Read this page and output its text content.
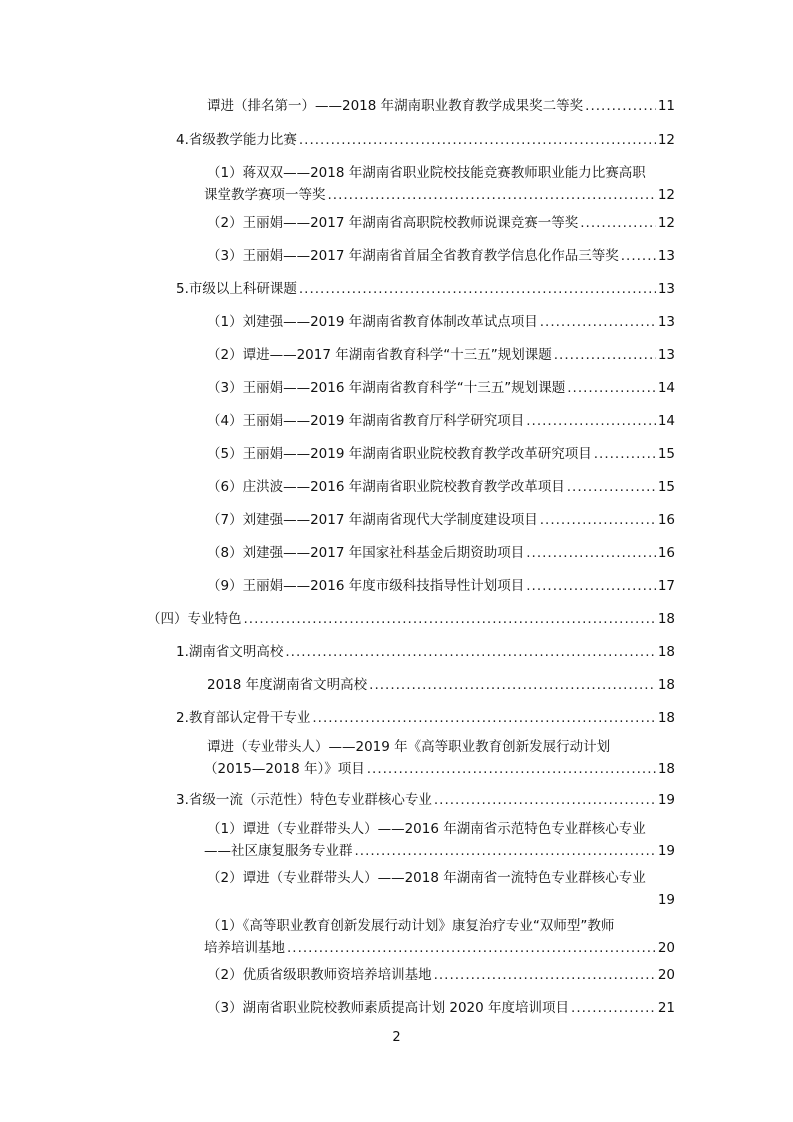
谭进（排名第一）——2018 年湖南职业教育教学成果奖二等奖 .....	11
4.省级教学能力比赛 .....	12
（1）蒋双双——2018 年湖南省职业院校技能竞赛教师职业能力比赛高职
课堂教学赛项一等奖 .....	12
（2）王丽娟——2017 年湖南省高职院校教师说课竞赛一等奖 .....	12
（3）王丽娟——2017 年湖南省首届全省教育教学信息化作品三等奖 .....	13
5.市级以上科研课题 .....	13
（1）刘建强——2019 年湖南省教育体制改革试点项目 .....	13
（2）谭进——2017 年湖南省教育科学“十三五”规划课题 .....	13
（3）王丽娟——2016 年湖南省教育科学“十三五”规划课题 .....	14
（4）王丽娟——2019 年湖南省教育厅科学研究项目 .....	14
（5）王丽娟——2019 年湖南省职业院校教育教学改革研究项目 .....	15
（6）庄洪波——2016 年湖南省职业院校教育教学改革项目 .....	15
（7）刘建强——2017 年湖南省现代大学制度建设项目 .....	16
（8）刘建强——2017 年国家社科基金后期资助项目 .....	16
（9）王丽娟——2016 年度市级科技指导性计划项目 .....	17
（四）专业特色 .....	18
1.湖南省文明高校 .....	18
2018 年度湖南省文明高校 .....	18
2.教育部认定骨干专业 .....	18
谭进（专业带头人）——2019 年《高等职业教育创新发展行动计划
（2015—2018 年）》项目 .....	18
3.省级一流（示范性）特色专业群核心专业 .....	19
（1）谭进（专业群带头人）——2016 年湖南省示范特色专业群核心专业
——社区康复服务专业群 .....	19
（2）谭进（专业群带头人）——2018 年湖南省一流特色专业群核心专业
19
（1）《高等职业教育创新发展行动计划》康复治疗专业“双师型”教师
培养培训基地 .....	20
（2）优质省级职教师资培养培训基地 .....	20
（3）湖南省职业院校教师素质提高计划 2020 年度培训项目 .....	21
2
